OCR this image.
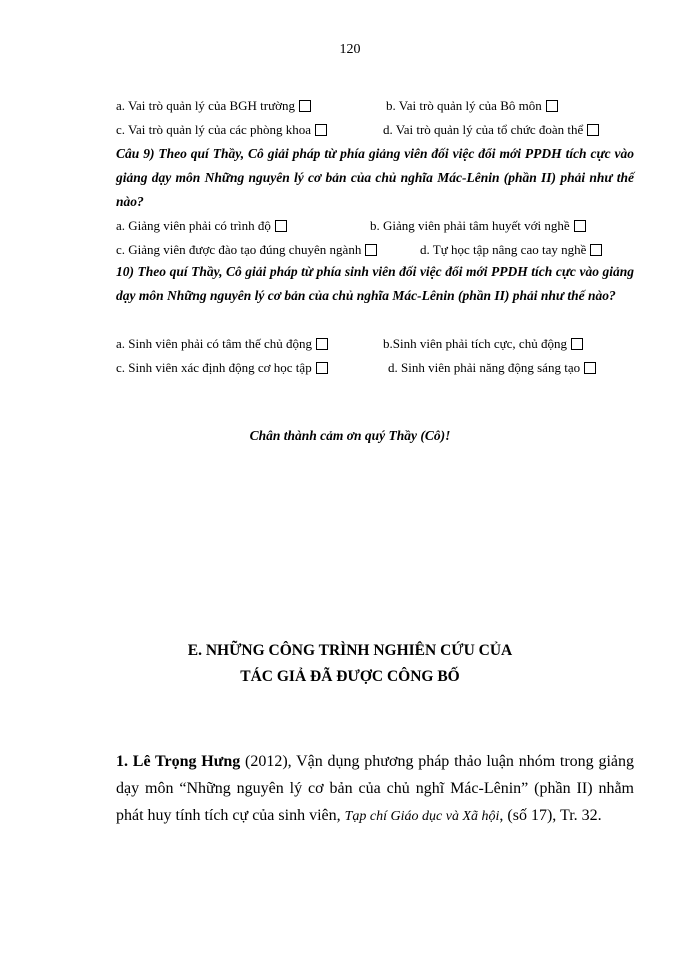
120
a. Vai trò quản lý của BGH trường	b. Vai trò quản lý của Bô môn
c. Vai trò quản lý của các phòng khoa	d. Vai trò quản lý của tổ chức đoàn thể
Câu 9) Theo quí Thầy, Cô giải pháp từ phía giảng viên đối việc đổi mới PPDH tích cực vào giảng dạy môn Những nguyên lý cơ bản của chủ nghĩa Mác-Lênin (phần II) phải như thế nào?
a. Giảng viên phải có trình độ	b. Giảng viên phải tâm huyết với nghề
c. Giảng viên được đào tạo đúng chuyên ngành	d. Tự học tập nâng cao tay nghề
10) Theo quí Thầy, Cô giải pháp từ phía sinh viên đối việc đổi mới PPDH tích cực vào giảng dạy môn Những nguyên lý cơ bản của chủ nghĩa Mác-Lênin (phần II) phải như thế nào?
a. Sinh viên phải có tâm thế chủ động	b.Sinh viên phải tích cực, chủ động
c. Sinh viên xác định động cơ học tập	d. Sinh viên phải năng động sáng tạo
Chân thành cảm ơn quý Thầy (Cô)!
E. NHỮNG CÔNG TRÌNH NGHIÊN CỨU CỦA
TÁC GIẢ ĐÃ ĐƯỢC CÔNG BỐ
1. Lê Trọng Hưng (2012), Vận dụng phương pháp thảo luận nhóm trong giảng dạy môn “Những nguyên lý cơ bản của chủ nghĩ Mác-Lênin” (phần II) nhằm phát huy tính tích cự của sinh viên, Tạp chí Giáo dục và Xã hội, (số 17), Tr. 32.
